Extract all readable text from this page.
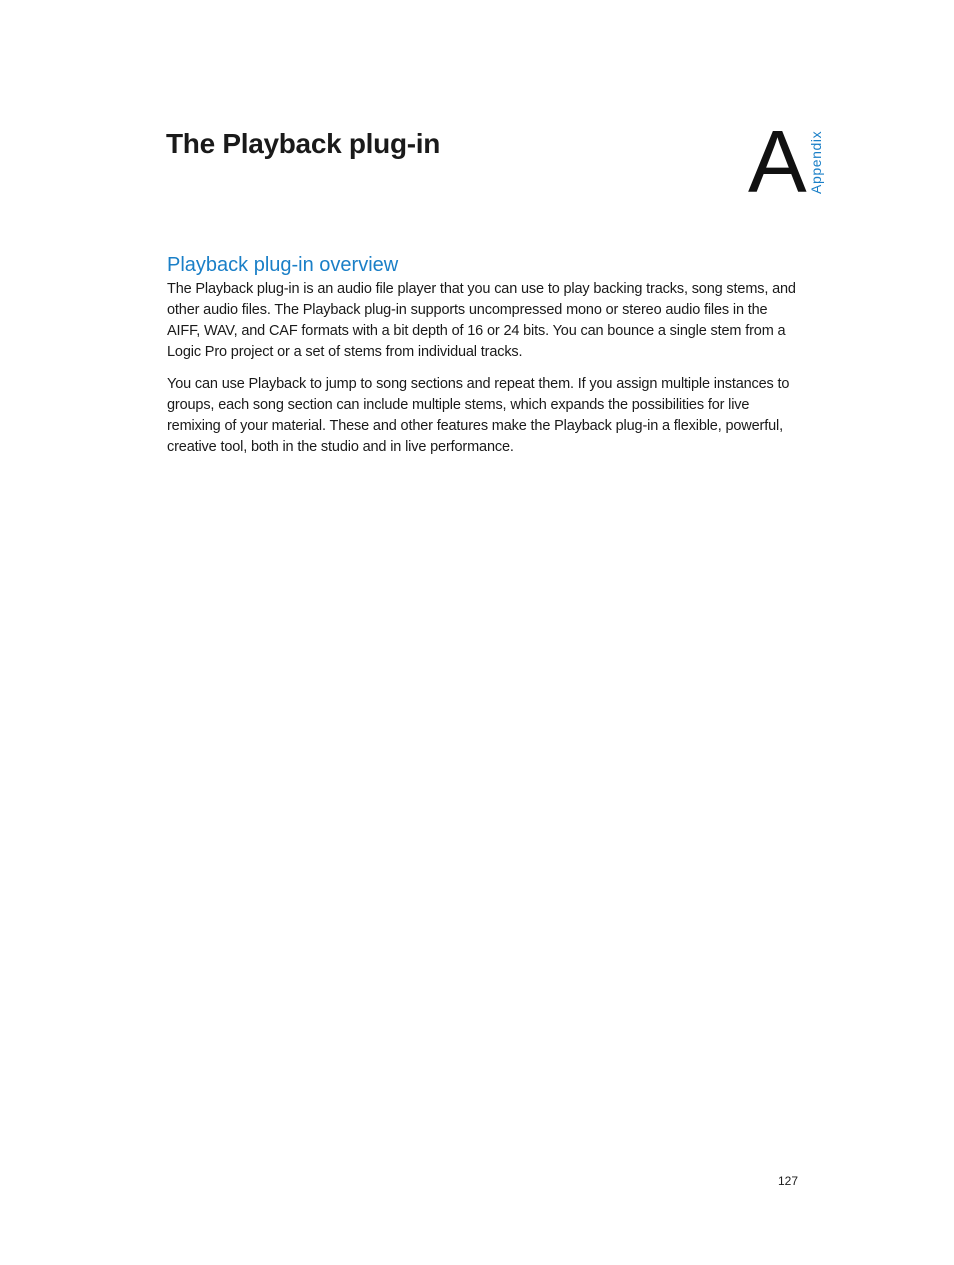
The Playback plug-in	A Appendix
Playback plug-in overview

The Playback plug-in is an audio file player that you can use to play backing tracks, song stems, and other audio files. The Playback plug-in supports uncompressed mono or stereo audio files in the AIFF, WAV, and CAF formats with a bit depth of 16 or 24 bits. You can bounce a single stem from a Logic Pro project or a set of stems from individual tracks.

You can use Playback to jump to song sections and repeat them. If you assign multiple instances to groups, each song section can include multiple stems, which expands the possibilities for live remixing of your material. These and other features make the Playback plug-in a flexible, powerful, creative tool, both in the studio and in live performance.

127
